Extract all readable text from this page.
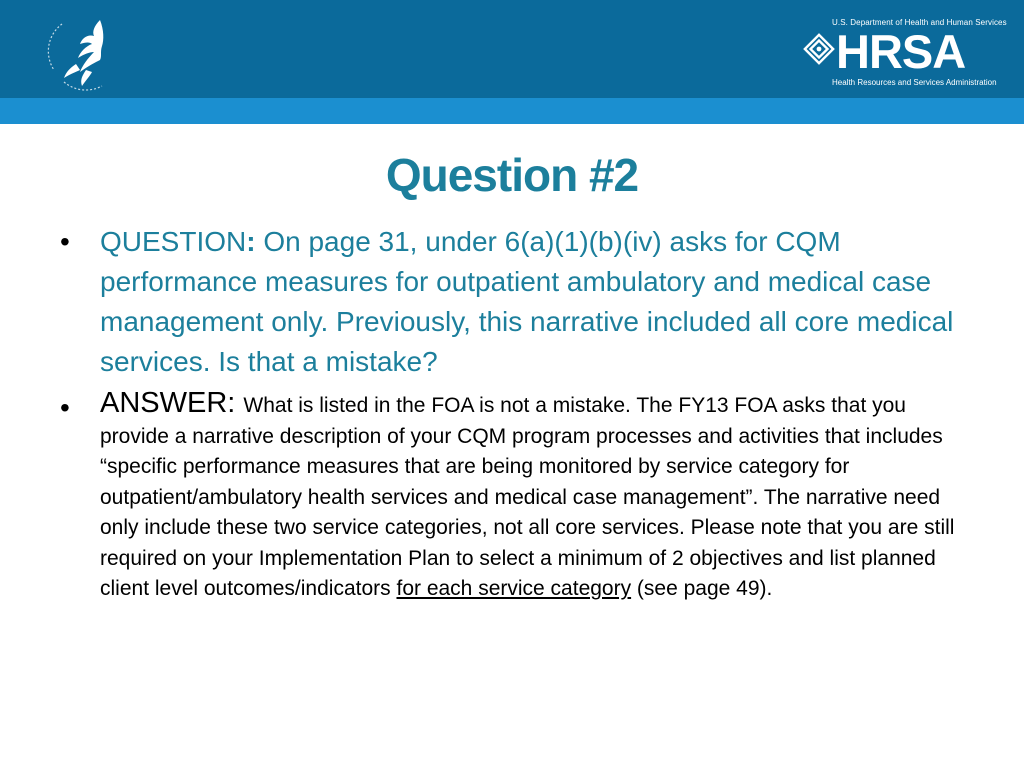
U.S. Department of Health and Human Services
HRSA
Health Resources and Services Administration
Question #2
• QUESTION: On page 31, under 6(a)(1)(b)(iv) asks for CQM performance measures for outpatient ambulatory and medical case management only. Previously, this narrative included all core medical services. Is that a mistake?
• ANSWER: What is listed in the FOA is not a mistake. The FY13 FOA asks that you provide a narrative description of your CQM program processes and activities that includes “specific performance measures that are being monitored by service category for outpatient/ambulatory health services and medical case management”. The narrative need only include these two service categories, not all core services. Please note that you are still required on your Implementation Plan to select a minimum of 2 objectives and list planned client level outcomes/indicators for each service category (see page 49).
